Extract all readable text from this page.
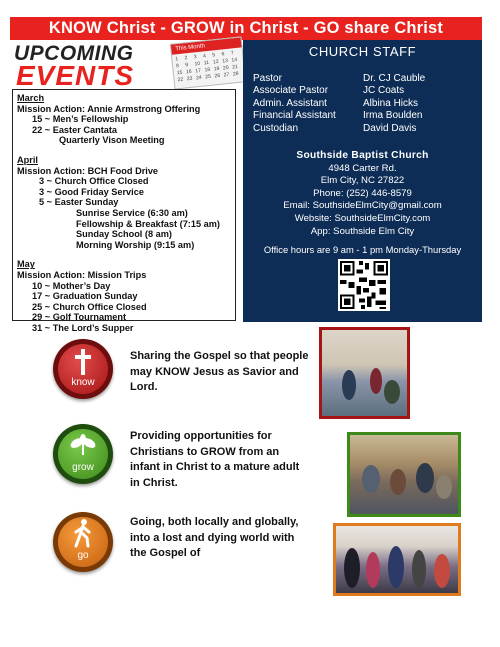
KNOW Christ - GROW in Christ - GO share Christ
UPCOMING
EVENTS
This Month
1	2	3	4	5	6	7
8	9	10 11 12 13 14
15 16 17 18 19 20 21
22 23 24 25 26 27 28
March
Mission Action: Annie Armstrong Offering
15 ~ Men’s Fellowship
22 ~ Easter Cantata
Quarterly Vison Meeting
April
Mission Action: BCH Food Drive
3 ~ Church Office Closed
3 ~ Good Friday Service
5 ~ Easter Sunday
Sunrise Service (6:30 am)
Fellowship & Breakfast (7:15 am)
Sunday School (8 am)
Morning Worship (9:15 am)
May
Mission Action: Mission Trips
10 ~ Mother’s Day
17 ~ Graduation Sunday
25 ~ Church Office Closed
29 ~ Golf Tournament
31 ~ The Lord’s Supper
CHURCH STAFF
Pastor	Dr. CJ Cauble
Associate Pastor	JC Coats
Admin. Assistant	Albina Hicks
Financial Assistant	Irma Boulden
Custodian	David Davis
Southside Baptist Church
4948 Carter Rd.
Elm City, NC 27822
Phone: (252) 446-8579
Email: SouthsideElmCity@gmail.com
Website: SouthsideElmCity.com
App: Southside Elm City
Office hours are 9 am - 1 pm Monday-Thursday
know
Sharing the Gospel so that people may KNOW Jesus as Savior and Lord.
grow
Providing opportunities for Christians to GROW from an infant in Christ to a mature adult in Christ.
go
Going, both locally and globally, into a lost and dying world with the Gospel of
